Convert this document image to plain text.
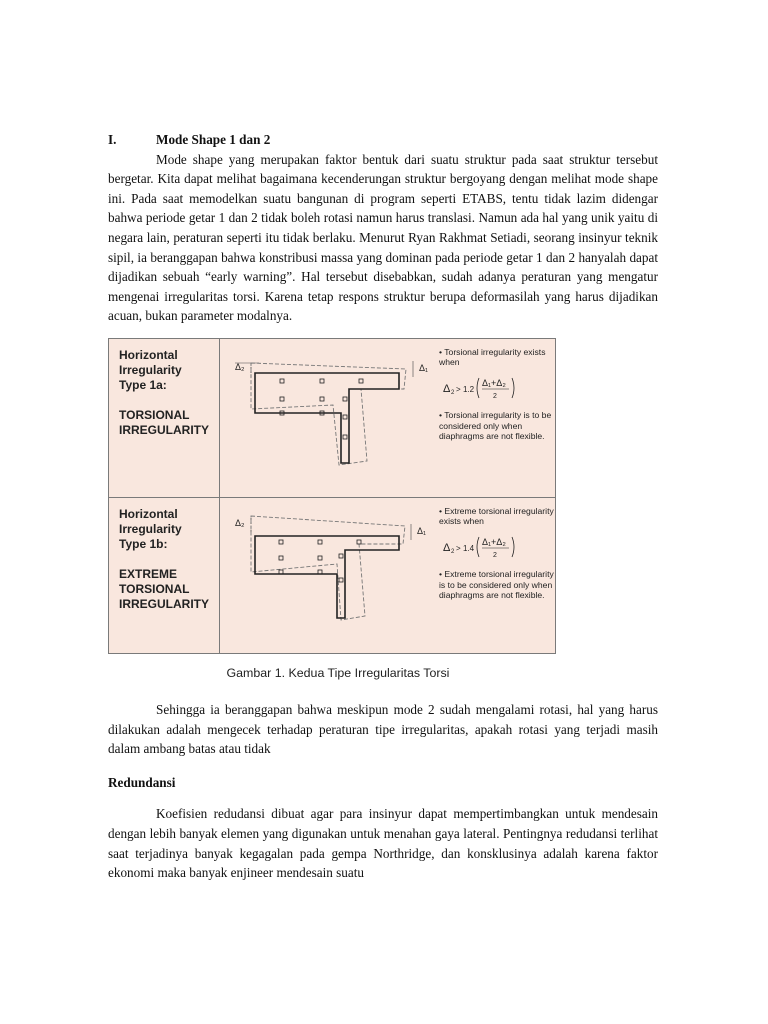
I.	Mode Shape 1 dan 2

Mode shape yang merupakan faktor bentuk dari suatu struktur pada saat struktur tersebut bergetar. Kita dapat melihat bagaimana kecenderungan struktur bergoyang dengan melihat mode shape ini. Pada saat memodelkan suatu bangunan di program seperti ETABS, tentu tidak lazim didengar bahwa periode getar 1 dan 2 tidak boleh rotasi namun harus translasi. Namun ada hal yang unik yaitu di negara lain, peraturan seperti itu tidak berlaku. Menurut Ryan Rakhmat Setiadi, seorang insinyur teknik sipil, ia beranggapan bahwa konstribusi massa yang dominan pada periode getar 1 dan 2 hanyalah dapat dijadikan sebuah “early warning”. Hal tersebut disebabkan, sudah adanya peraturan yang mengatur mengenai irregularitas torsi. Karena tetap respons struktur berupa deformasilah yang harus dijadikan acuan, bukan parameter modalnya.

Horizontal
Irregularity
Type 1a:
TORSIONAL
IRREGULARITY
Δ₂	Δ₁
• Torsional irregularity exists when
Δ 2 > 1.2
Δ₁+Δ₂
2
• Torsional irregularity is to be considered only when diaphragms are not flexible.
Horizontal
Irregularity
Type 1b:
EXTREME
TORSIONAL
IRREGULARITY
Δ₂
Δ₁
• Extreme torsional irregularity exists when
Δ 2 > 1.4
Δ₁+Δ₂
2
• Extreme torsional irregularity is to be considered only when diaphragms are not flexible.
Gambar 1. Kedua Tipe Irregularitas Torsi

Sehingga ia beranggapan bahwa meskipun mode 2 sudah mengalami rotasi, hal yang harus dilakukan adalah mengecek terhadap peraturan tipe irregularitas, apakah rotasi yang terjadi masih dalam ambang batas atau tidak

Redundansi

Koefisien redudansi dibuat agar para insinyur dapat mempertimbangkan untuk mendesain dengan lebih banyak elemen yang digunakan untuk menahan gaya lateral. Pentingnya redudansi terlihat saat terjadinya banyak kegagalan pada gempa Northridge, dan konsklusinya adalah karena faktor ekonomi maka banyak enjineer mendesain suatu
